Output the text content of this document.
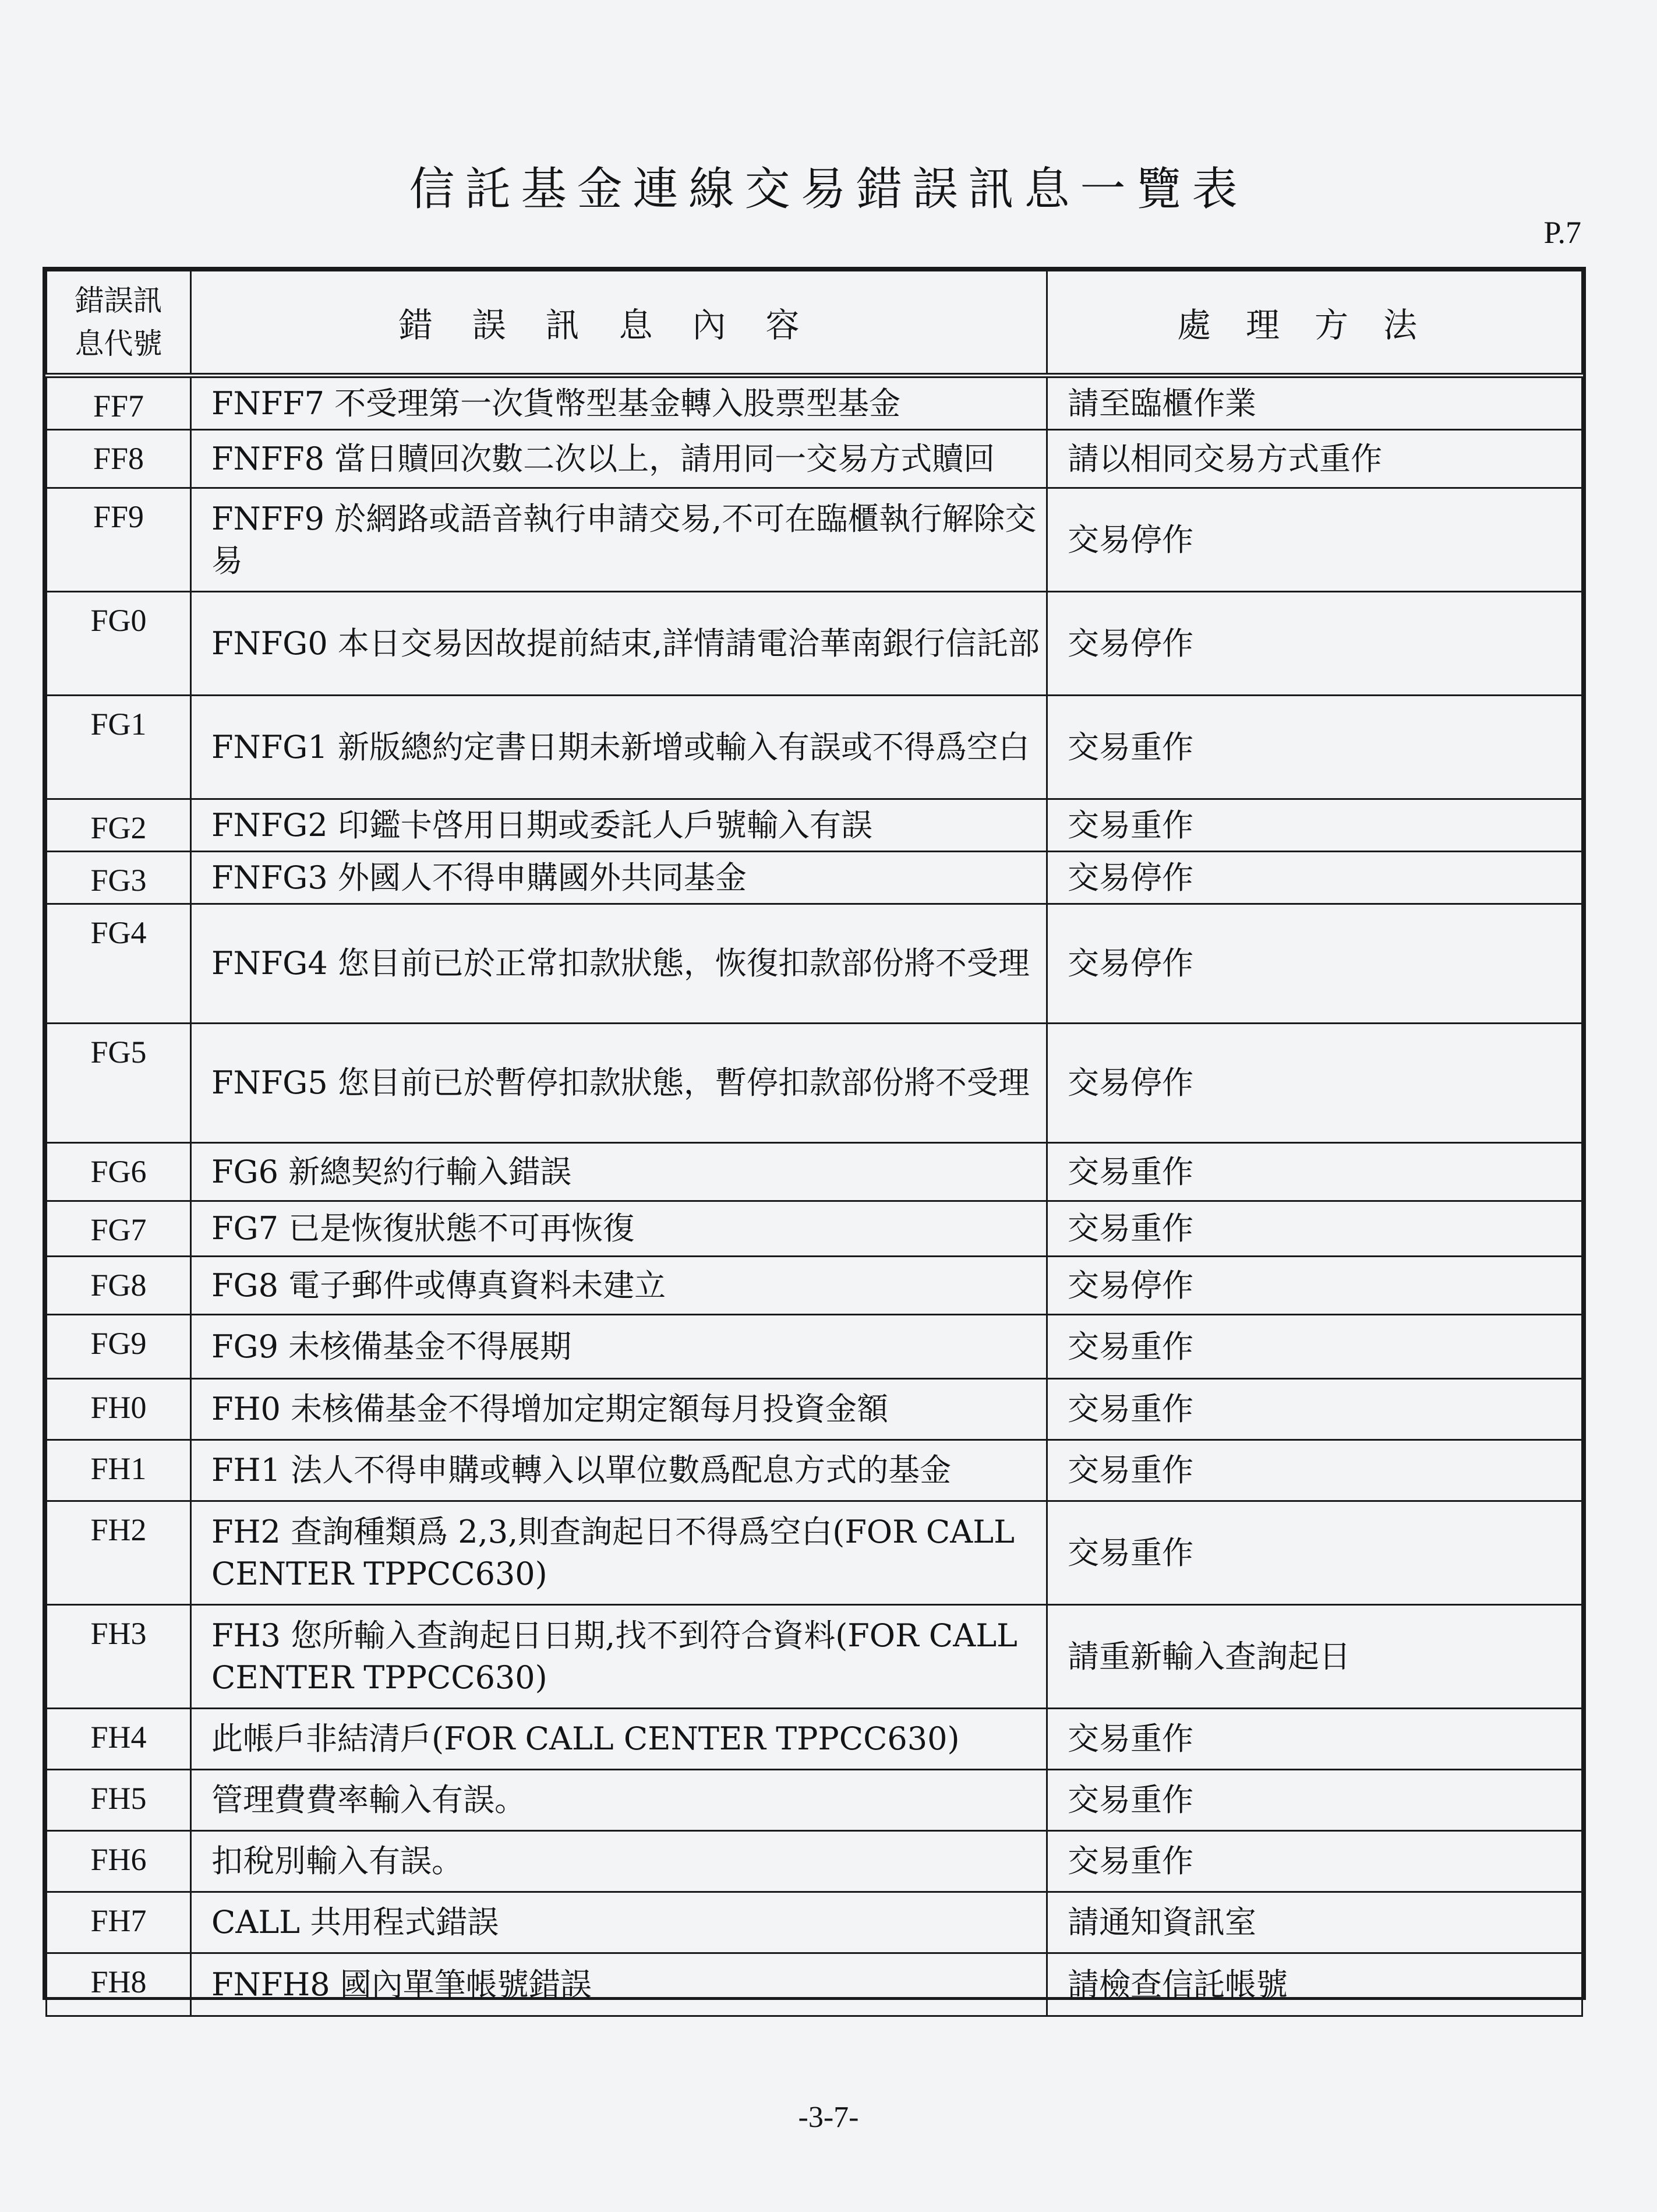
信託基金連線交易錯誤訊息一覽表
P.7
錯誤訊
息代號	錯誤訊息內容	處理方法
FF7	FNFF7 不受理第一次貨幣型基金轉入股票型基金	請至臨櫃作業
FF8	FNFF8 當日贖回次數二次以上，請用同一交易方式贖回	請以相同交易方式重作
FF9	FNFF9 於網路或語音執行申請交易,不可在臨櫃執行解除交易	交易停作
FG0	FNFG0 本日交易因故提前結束,詳情請電洽華南銀行信託部	交易停作
FG1	FNFG1 新版總約定書日期未新增或輸入有誤或不得爲空白	交易重作
FG2	FNFG2 印鑑卡啓用日期或委託人戶號輸入有誤	交易重作
FG3	FNFG3 外國人不得申購國外共同基金	交易停作
FG4	FNFG4 您目前已於正常扣款狀態，恢復扣款部份將不受理	交易停作
FG5	FNFG5 您目前已於暫停扣款狀態，暫停扣款部份將不受理	交易停作
FG6	FG6 新總契約行輸入錯誤	交易重作
FG7	FG7 已是恢復狀態不可再恢復	交易重作
FG8	FG8 電子郵件或傳真資料未建立	交易停作
FG9	FG9 未核備基金不得展期	交易重作
FH0	FH0 未核備基金不得增加定期定額每月投資金額	交易重作
FH1	FH1 法人不得申購或轉入以單位數爲配息方式的基金	交易重作
FH2	FH2 查詢種類爲 2,3,則查詢起日不得爲空白(FOR CALL CENTER TPPCC630)	交易重作
FH3	FH3 您所輸入查詢起日日期,找不到符合資料(FOR CALL CENTER TPPCC630)	請重新輸入查詢起日
FH4	此帳戶非結清戶(FOR CALL CENTER TPPCC630)	交易重作
FH5	管理費費率輸入有誤。	交易重作
FH6	扣稅別輸入有誤。	交易重作
FH7	CALL 共用程式錯誤	請通知資訊室
FH8	FNFH8 國內單筆帳號錯誤	請檢查信託帳號
-3-7-
